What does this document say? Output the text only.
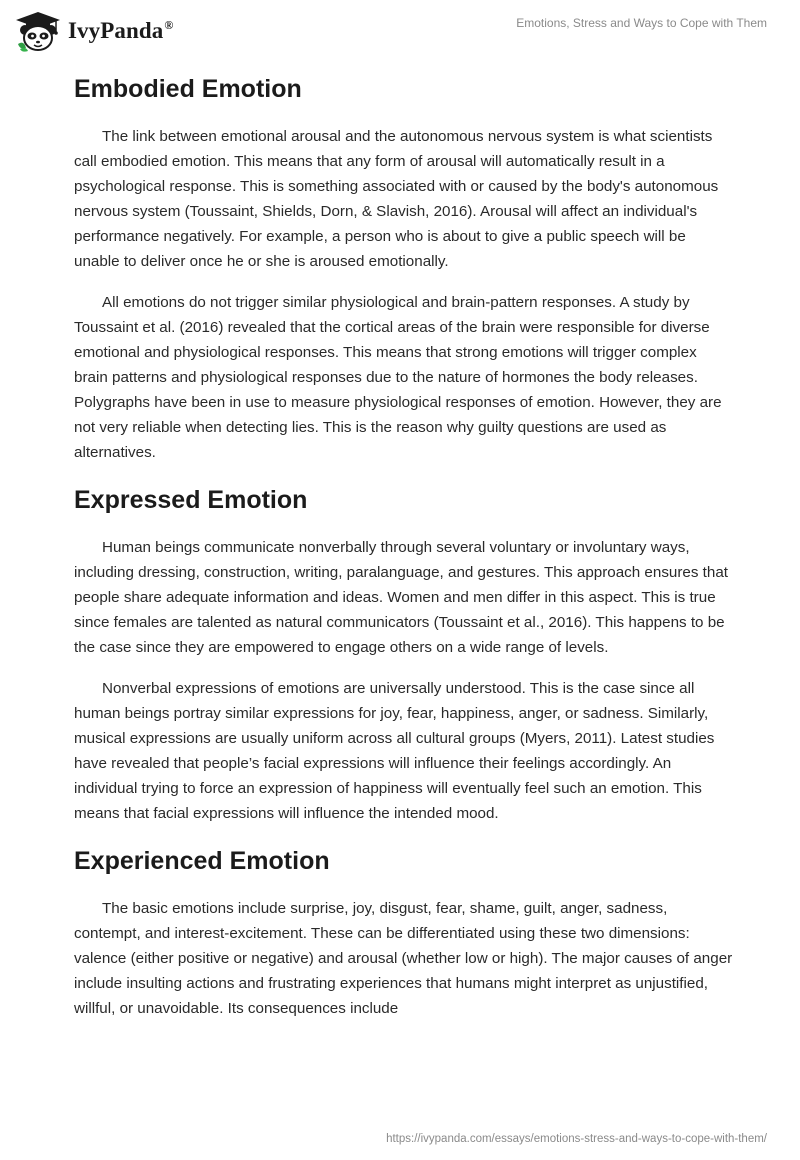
IvyPanda®	Emotions, Stress and Ways to Cope with Them
Embodied Emotion

The link between emotional arousal and the autonomous nervous system is what scientists call embodied emotion. This means that any form of arousal will automatically result in a psychological response. This is something associated with or caused by the body's autonomous nervous system (Toussaint, Shields, Dorn, & Slavish, 2016). Arousal will affect an individual's performance negatively. For example, a person who is about to give a public speech will be unable to deliver once he or she is aroused emotionally.

All emotions do not trigger similar physiological and brain-pattern responses. A study by Toussaint et al. (2016) revealed that the cortical areas of the brain were responsible for diverse emotional and physiological responses. This means that strong emotions will trigger complex brain patterns and physiological responses due to the nature of hormones the body releases. Polygraphs have been in use to measure physiological responses of emotion. However, they are not very reliable when detecting lies. This is the reason why guilty questions are used as alternatives.

Expressed Emotion

Human beings communicate nonverbally through several voluntary or involuntary ways, including dressing, construction, writing, paralanguage, and gestures. This approach ensures that people share adequate information and ideas. Women and men differ in this aspect. This is true since females are talented as natural communicators (Toussaint et al., 2016). This happens to be the case since they are empowered to engage others on a wide range of levels.

Nonverbal expressions of emotions are universally understood. This is the case since all human beings portray similar expressions for joy, fear, happiness, anger, or sadness. Similarly, musical expressions are usually uniform across all cultural groups (Myers, 2011). Latest studies have revealed that people’s facial expressions will influence their feelings accordingly. An individual trying to force an expression of happiness will eventually feel such an emotion. This means that facial expressions will influence the intended mood.

Experienced Emotion

The basic emotions include surprise, joy, disgust, fear, shame, guilt, anger, sadness, contempt, and interest-excitement. These can be differentiated using these two dimensions: valence (either positive or negative) and arousal (whether low or high). The major causes of anger include insulting actions and frustrating experiences that humans might interpret as unjustified, willful, or unavoidable. Its consequences include

https://ivypanda.com/essays/emotions-stress-and-ways-to-cope-with-them/
